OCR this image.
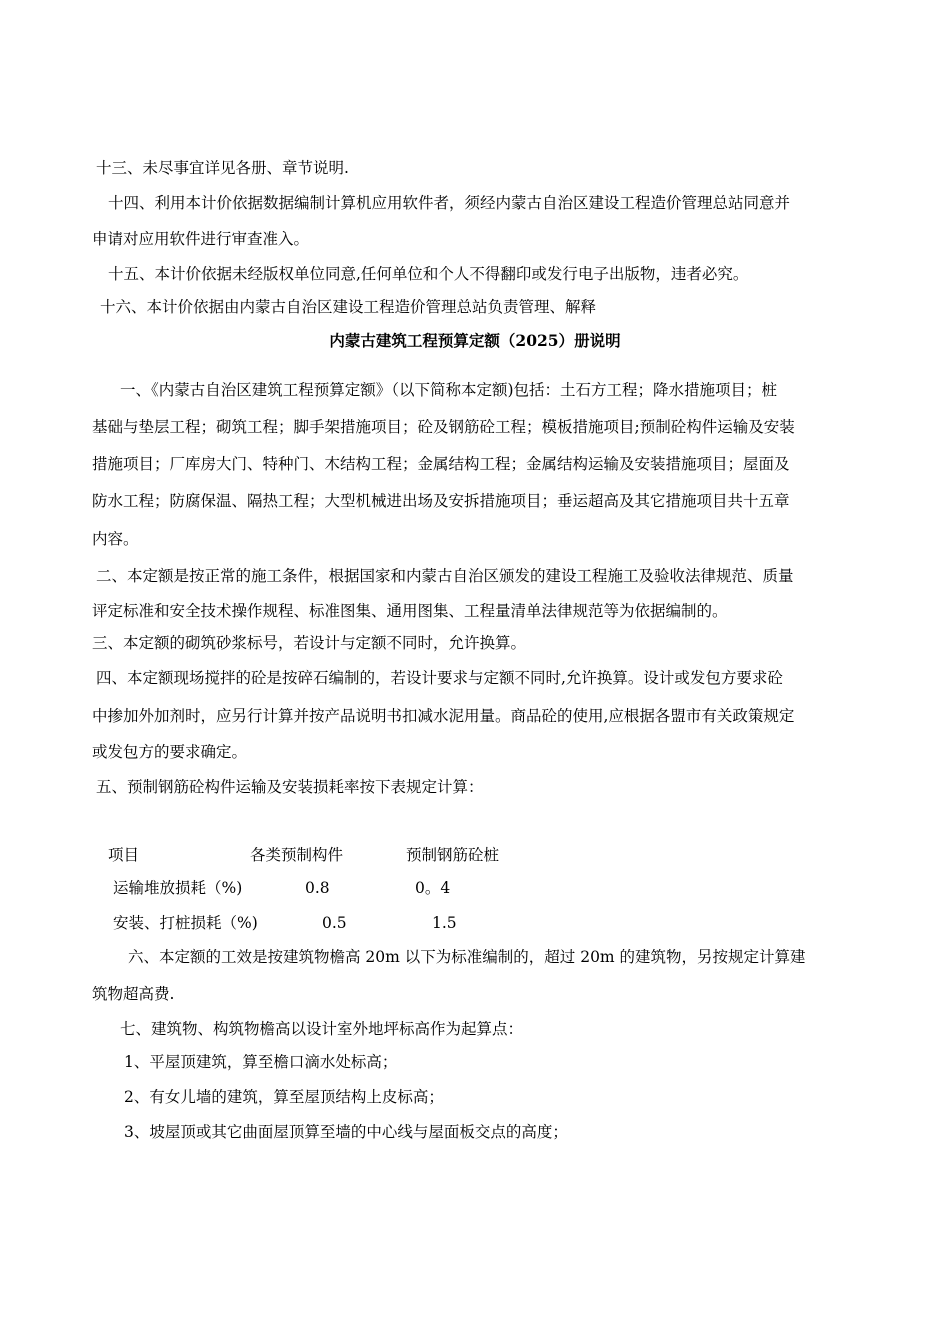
十三、未尽事宜详见各册、章节说明.
十四、利用本计价依据数据编制计算机应用软件者，须经内蒙古自治区建设工程造价管理总站同意并
申请对应用软件进行审查准入。
十五、本计价依据未经版权单位同意,任何单位和个人不得翻印或发行电子出版物，违者必究。
十六、本计价依据由内蒙古自治区建设工程造价管理总站负责管理、解释
内蒙古建筑工程预算定额（2025）册说明
一、《内蒙古自治区建筑工程预算定额》（以下简称本定额)包括：土石方工程；降水措施项目；桩
基础与垫层工程；砌筑工程；脚手架措施项目；砼及钢筋砼工程；模板措施项目;预制砼构件运输及安装
措施项目；厂库房大门、特种门、木结构工程；金属结构工程；金属结构运输及安装措施项目；屋面及
防水工程；防腐保温、隔热工程；大型机械进出场及安拆措施项目；垂运超高及其它措施项目共十五章
内容。
二、本定额是按正常的施工条件，根据国家和内蒙古自治区颁发的建设工程施工及验收法律规范、质量
评定标准和安全技术操作规程、标准图集、通用图集、工程量清单法律规范等为依据编制的。
三、本定额的砌筑砂浆标号，若设计与定额不同时，允许换算。
四、本定额现场搅拌的砼是按碎石编制的，若设计要求与定额不同时,允许换算。设计或发包方要求砼
中掺加外加剂时，应另行计算并按产品说明书扣减水泥用量。商品砼的使用,应根据各盟市有关政策规定
或发包方的要求确定。
五、预制钢筋砼构件运输及安装损耗率按下表规定计算：
项目	各类预制构件	预制钢筋砼桩
运输堆放损耗（%)	0.8	0。4
安装、打桩损耗（%)	0.5	1.5
六、本定额的工效是按建筑物檐高 20m 以下为标准编制的，超过 20m 的建筑物，另按规定计算建
筑物超高费.
七、建筑物、构筑物檐高以设计室外地坪标高作为起算点：
1、平屋顶建筑，算至檐口滴水处标高；
2、有女儿墙的建筑，算至屋顶结构上皮标高；
3、坡屋顶或其它曲面屋顶算至墙的中心线与屋面板交点的高度；
